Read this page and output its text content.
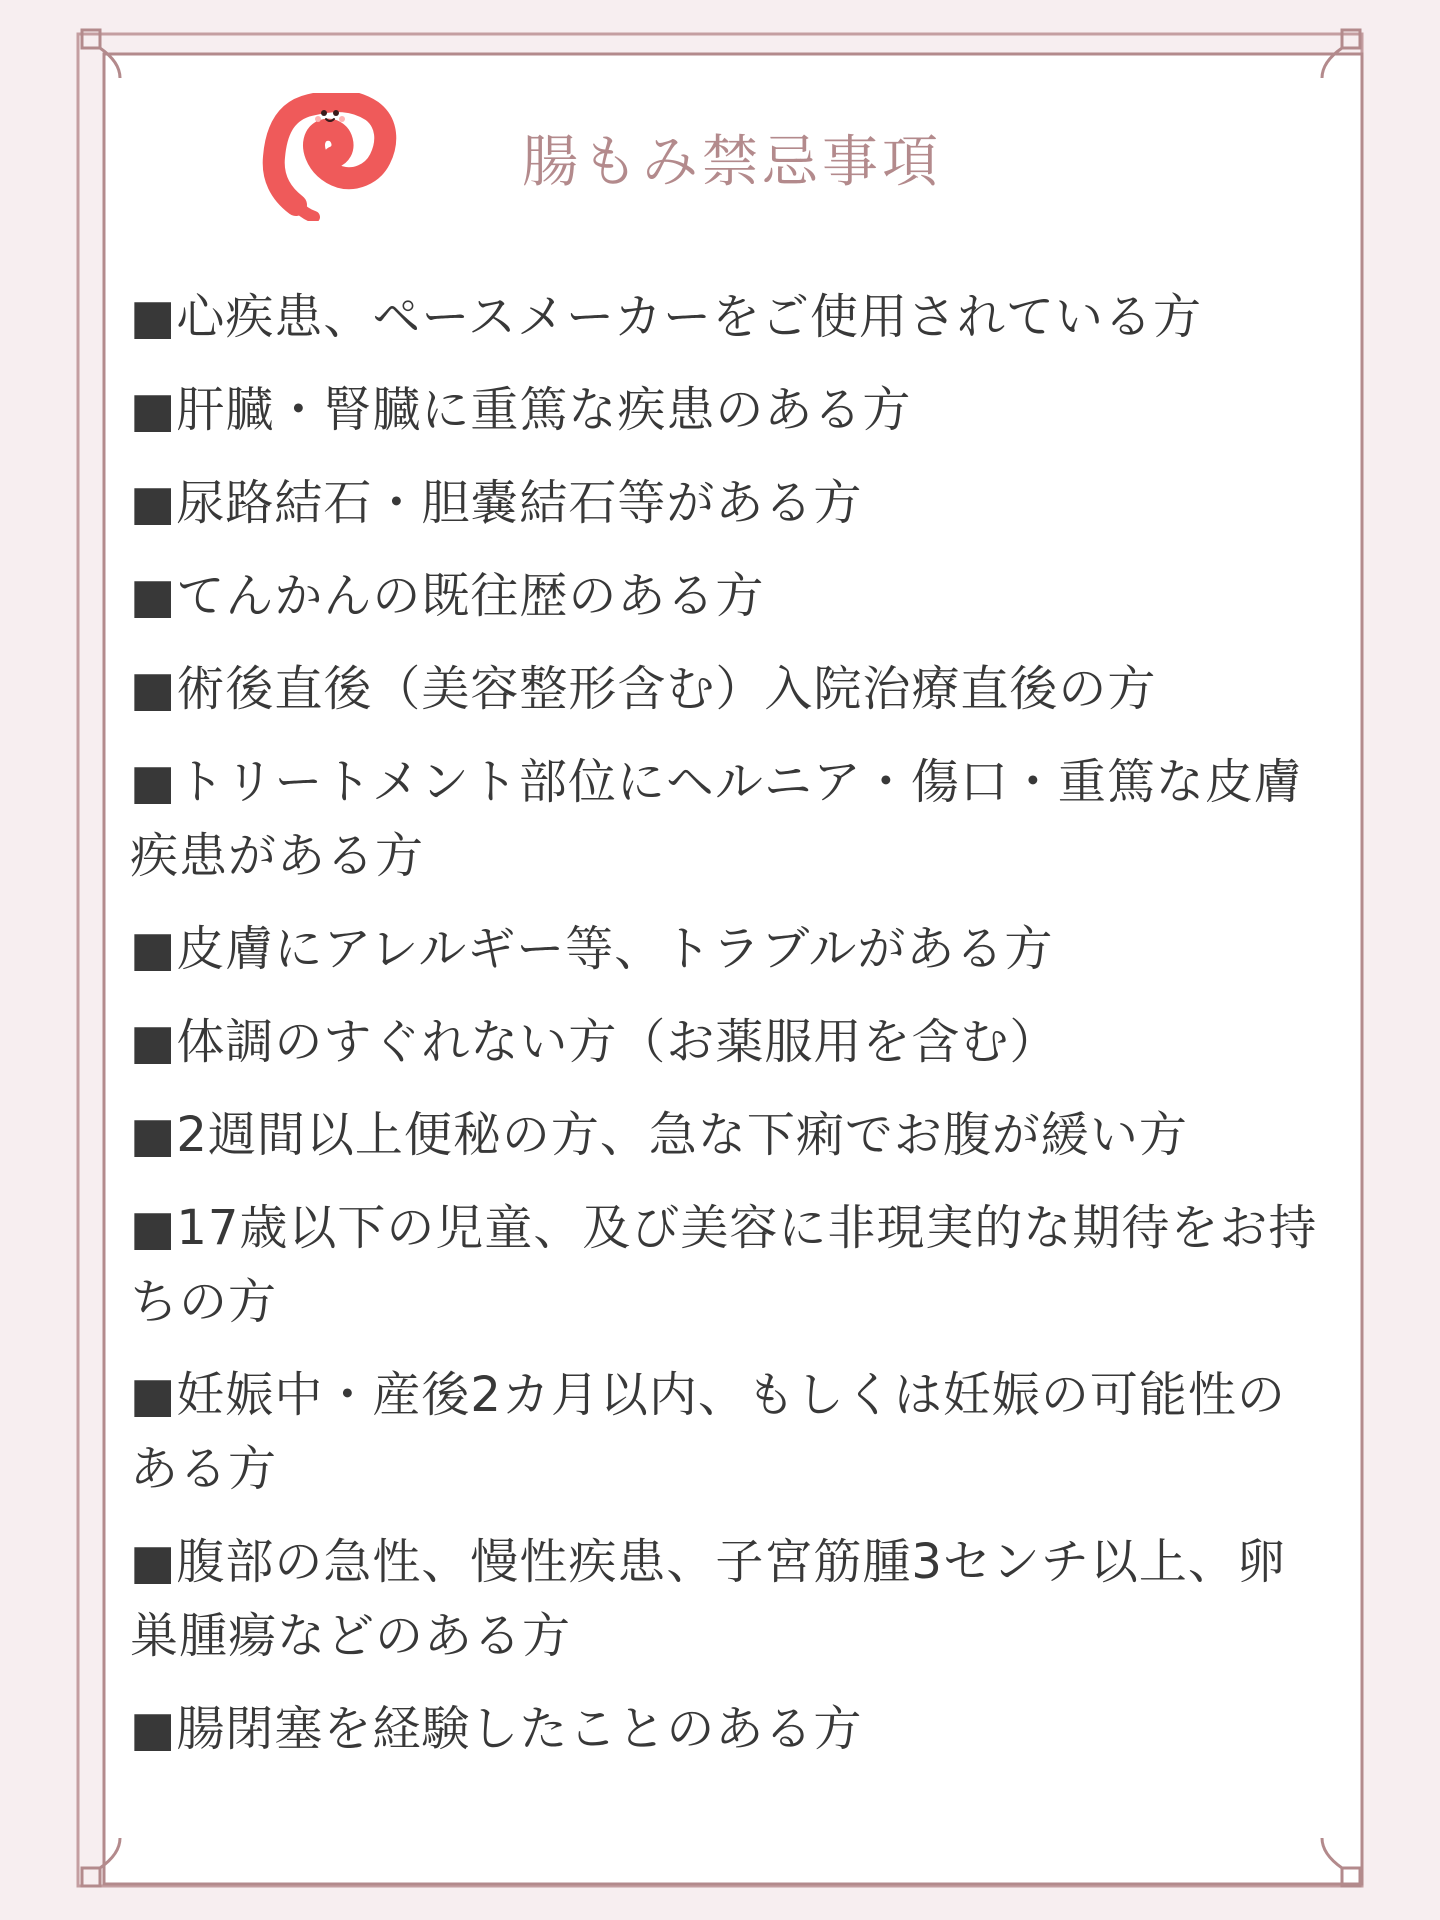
腸もみ禁忌事項
■心疾患、ペースメーカーをご使用されている方
■肝臓・腎臓に重篤な疾患のある方
■尿路結石・胆嚢結石等がある方
■てんかんの既往歴のある方
■術後直後（美容整形含む）入院治療直後の方
■トリートメント部位にヘルニア・傷口・重篤な皮膚疾患がある方
■皮膚にアレルギー等、トラブルがある方
■体調のすぐれない方（お薬服用を含む）
■2週間以上便秘の方、急な下痢でお腹が緩い方
■17歳以下の児童、及び美容に非現実的な期待をお持ちの方
■妊娠中・産後2カ月以内、もしくは妊娠の可能性のある方
■腹部の急性、慢性疾患、子宮筋腫3センチ以上、卵巣腫瘍などのある方
■腸閉塞を経験したことのある方
